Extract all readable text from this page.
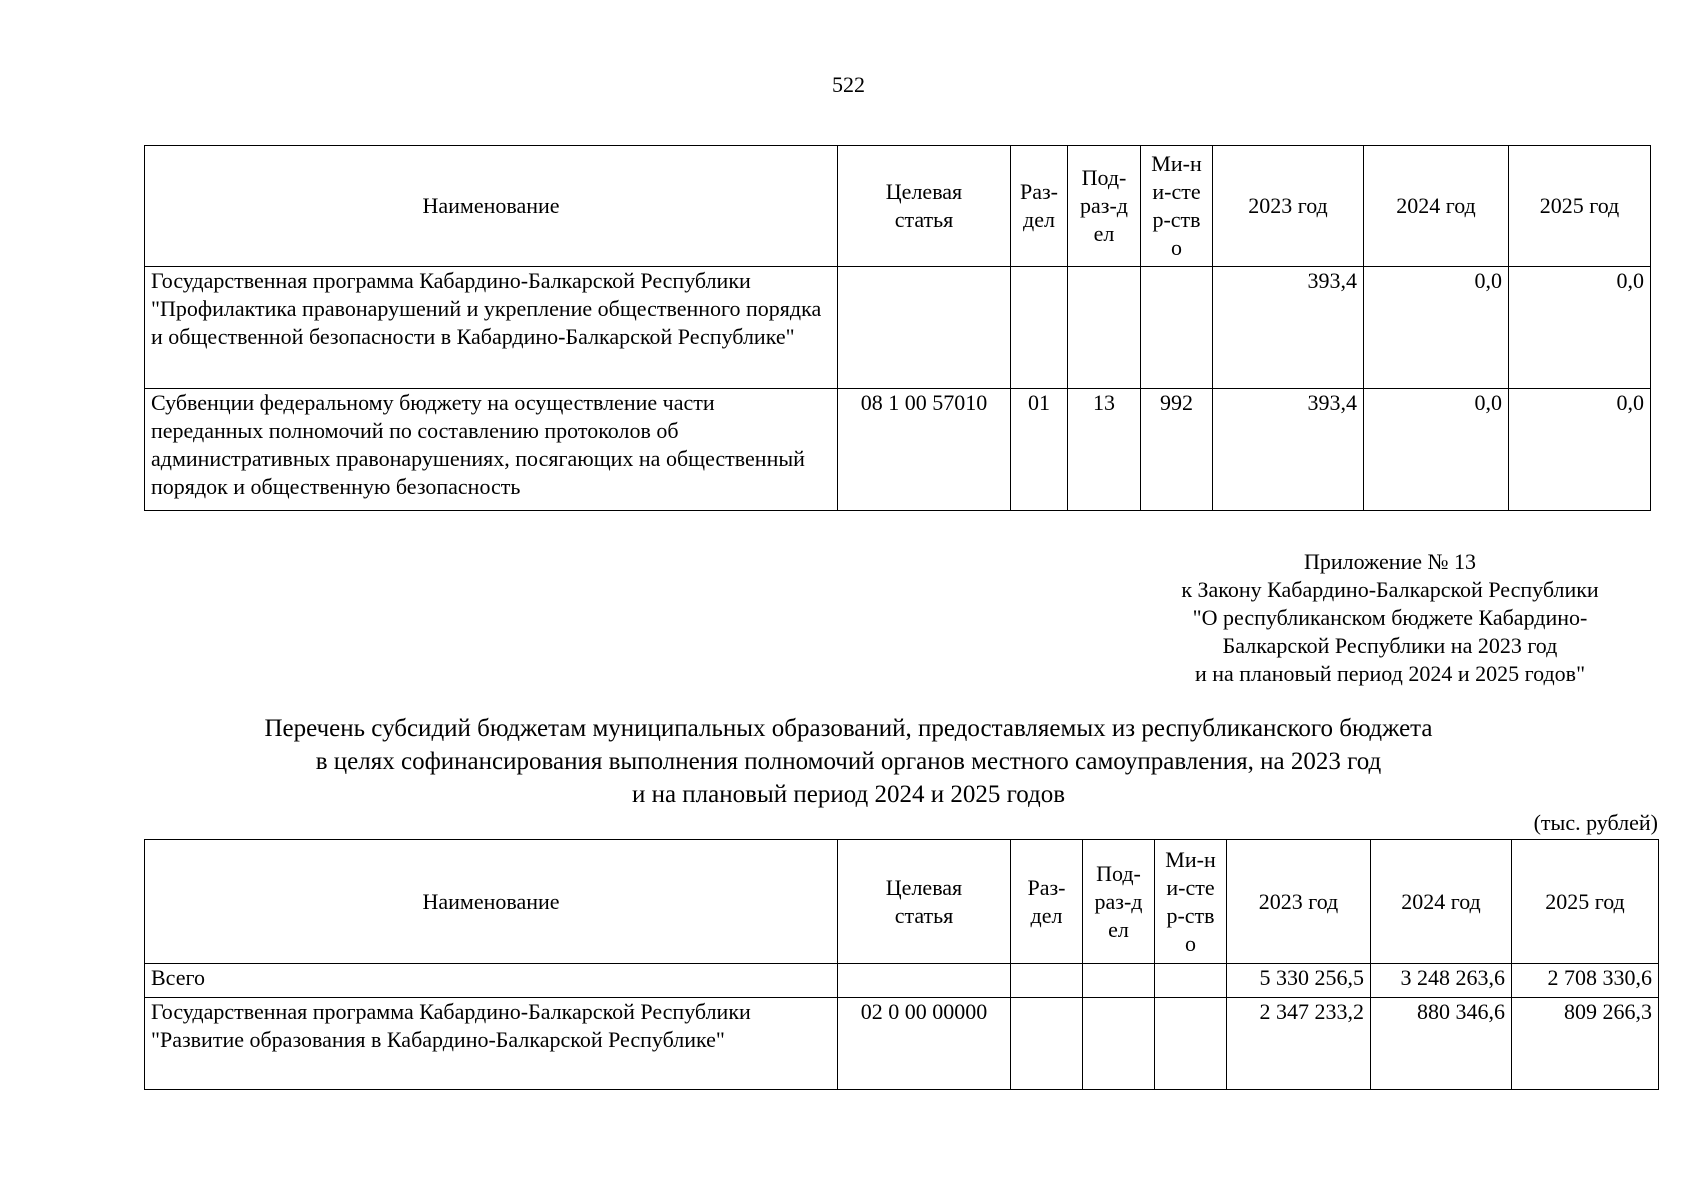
522
Наименование	Целевая статья	Раз-дел	Под-раз-дел	Ми-ни-стер-ство	2023 год	2024 год	2025 год
Государственная программа Кабардино-Балкарской Республики "Профилактика правонарушений и укрепление общественного порядка и общественной безопасности в Кабардино-Балкарской Республике"					393,4	0,0	0,0
Субвенции федеральному бюджету на осуществление части переданных полномочий по составлению протоколов об административных правонарушениях, посягающих на общественный порядок и общественную безопасность	08 1 00 57010	01	13	992	393,4	0,0	0,0
Приложение № 13
к Закону Кабардино-Балкарской Республики
"О республиканском бюджете Кабардино-
Балкарской Республики на 2023 год
и на плановый период 2024 и 2025 годов"
Перечень субсидий бюджетам муниципальных образований, предоставляемых из республиканского бюджета
в целях софинансирования выполнения полномочий органов местного самоуправления, на 2023 год
и на плановый период 2024 и 2025 годов
(тыс. рублей)
Наименование	Целевая статья	Раз-дел	Под-раз-дел	Ми-ни-стер-ство	2023 год	2024 год	2025 год
Всего					5 330 256,5	3 248 263,6	2 708 330,6
Государственная программа Кабардино-Балкарской Республики "Развитие образования в Кабардино-Балкарской Республике"	02 0 00 00000				2 347 233,2	880 346,6	809 266,3
